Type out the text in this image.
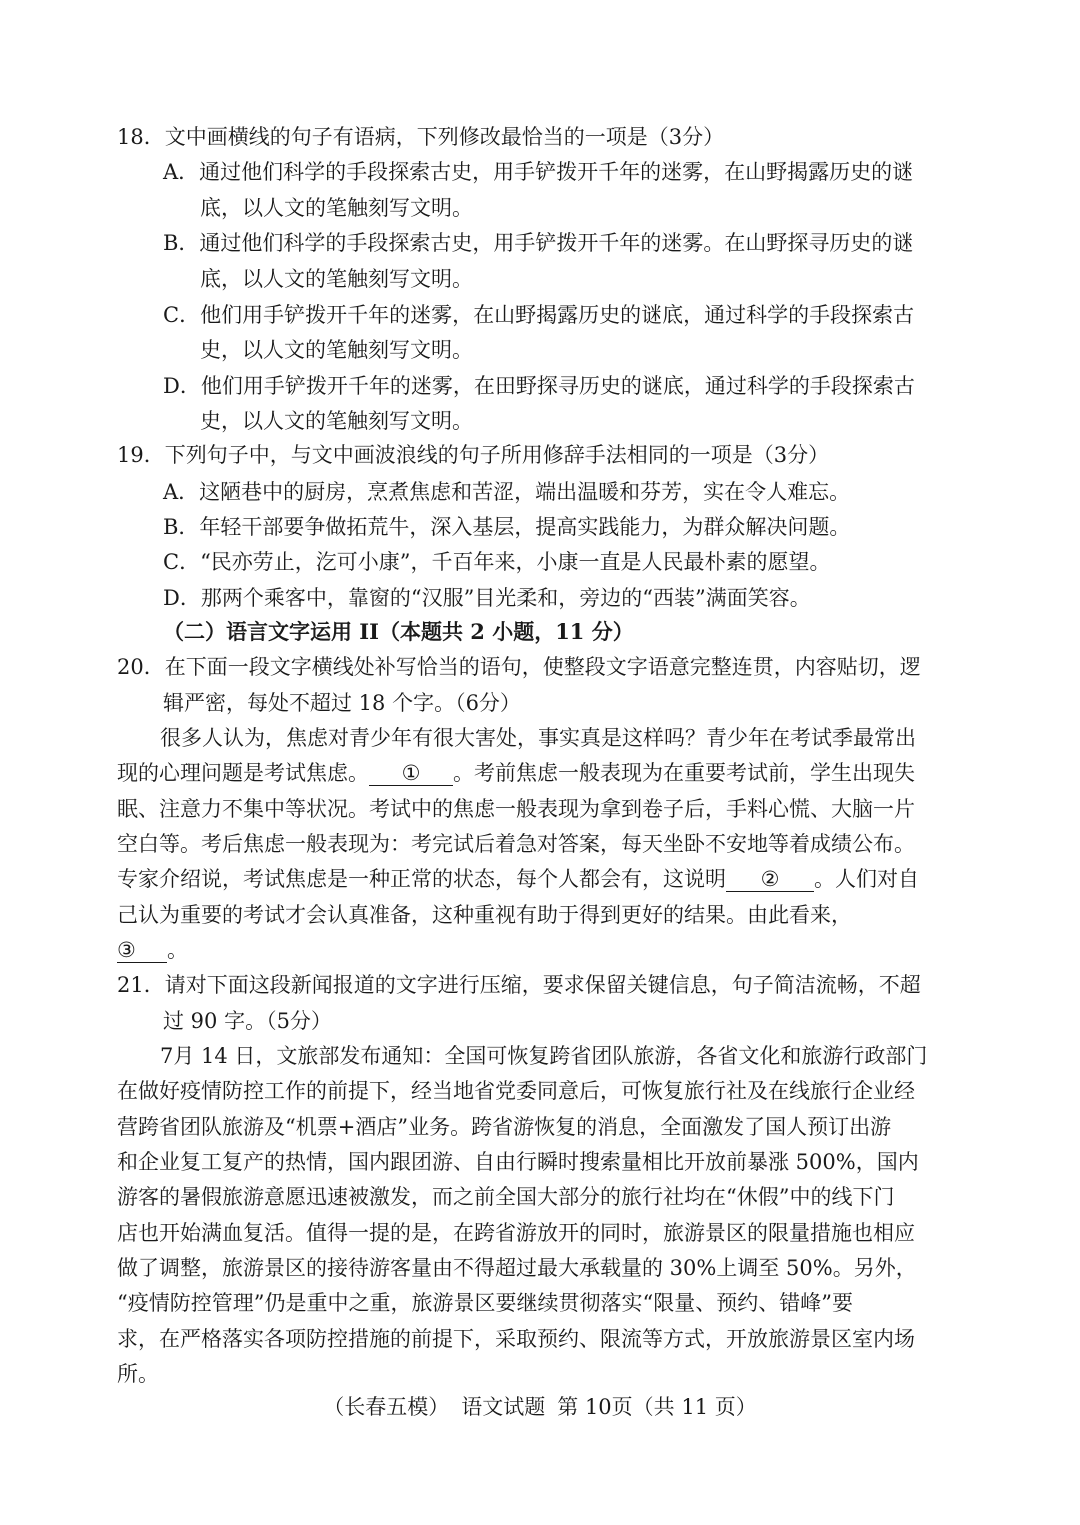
18．文中画横线的句子有语病，下列修改最恰当的一项是（3分）
A．通过他们科学的手段探索古史，用手铲拨开千年的迷雾，在山野揭露历史的谜
底，以人文的笔触刻写文明。
B．通过他们科学的手段探索古史，用手铲拨开千年的迷雾。在山野探寻历史的谜
底，以人文的笔触刻写文明。
C．他们用手铲拨开千年的迷雾，在山野揭露历史的谜底，通过科学的手段探索古
史，以人文的笔触刻写文明。
D．他们用手铲拨开千年的迷雾，在田野探寻历史的谜底，通过科学的手段探索古
史，以人文的笔触刻写文明。
19．下列句子中，与文中画波浪线的句子所用修辞手法相同的一项是（3分）
A．这陋巷中的厨房，烹煮焦虑和苦涩，端出温暖和芬芳，实在令人难忘。
B．年轻干部要争做拓荒牛，深入基层，提高实践能力，为群众解决问题。
C．“民亦劳止，汔可小康”，千百年来，小康一直是人民最朴素的愿望。
D．那两个乘客中，靠窗的“汉服”目光柔和，旁边的“西装”满面笑容。
（二）语言文字运用 II（本题共 2 小题，11 分）
20．在下面一段文字横线处补写恰当的语句，使整段文字语意完整连贯，内容贴切，逻
辑严密，每处不超过 18 个字。（6分）
很多人认为，焦虑对青少年有很大害处，事实真是这样吗？青少年在考试季最常出
现的心理问题是考试焦虑。 ① 。考前焦虑一般表现为在重要考试前，学生出现失
眠、注意力不集中等状况。考试中的焦虑一般表现为拿到卷子后，手料心慌、大脑一片
空白等。考后焦虑一般表现为：考完试后着急对答案，每天坐卧不安地等着成绩公布。
专家介绍说，考试焦虑是一种正常的状态，每个人都会有，这说明 ② 。人们对自
己认为重要的考试才会认真准备，这种重视有助于得到更好的结果。由此看来，
③ 。
21．请对下面这段新闻报道的文字进行压缩，要求保留关键信息，句子简洁流畅，不超
过 90 字。（5分）
7月 14 日，文旅部发布通知：全国可恢复跨省团队旅游，各省文化和旅游行政部门
在做好疫情防控工作的前提下，经当地省党委同意后，可恢复旅行社及在线旅行企业经
营跨省团队旅游及“机票+酒店”业务。跨省游恢复的消息，全面激发了国人预订出游
和企业复工复产的热情，国内跟团游、自由行瞬时搜索量相比开放前暴涨 500%，国内
游客的暑假旅游意愿迅速被激发，而之前全国大部分的旅行社均在“休假”中的线下门
店也开始满血复活。值得一提的是，在跨省游放开的同时，旅游景区的限量措施也相应
做了调整，旅游景区的接待游客量由不得超过最大承载量的 30%上调至 50%。另外，
“疫情防控管理”仍是重中之重，旅游景区要继续贯彻落实“限量、预约、错峰”要
求，在严格落实各项防控措施的前提下，采取预约、限流等方式，开放旅游景区室内场
所。
（长春五模） 语文试题 第 10页（共 11 页）
